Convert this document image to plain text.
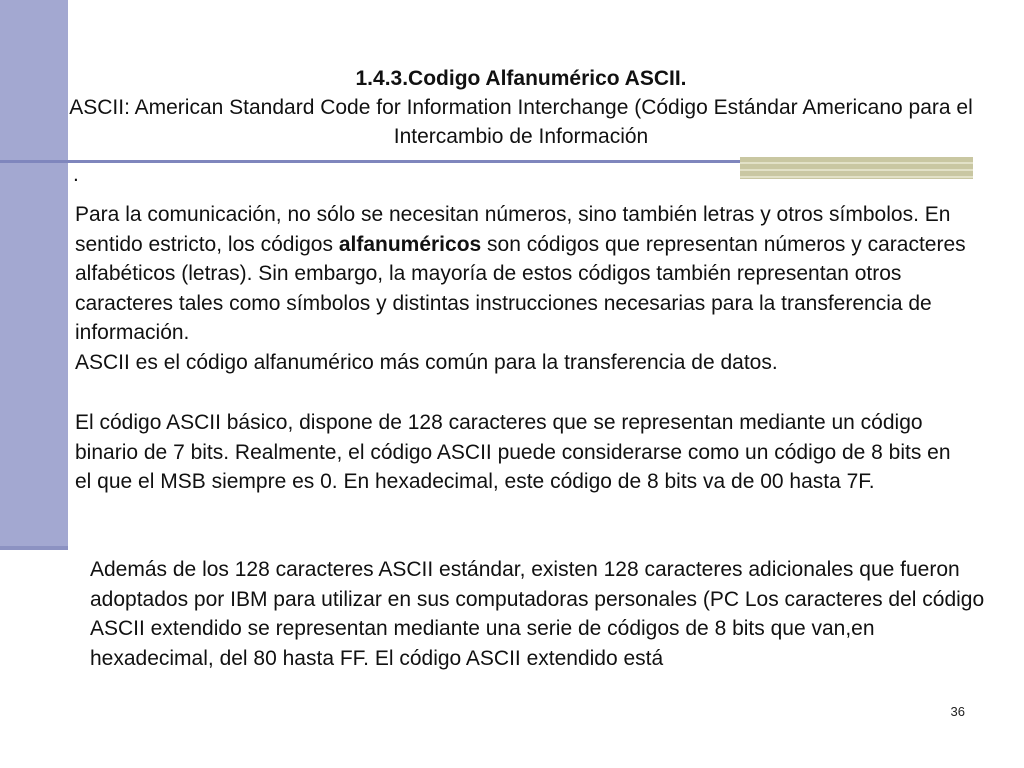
1.4.3.Codigo Alfanumérico ASCII.
ASCII: American Standard Code for Information Interchange (Código Estándar Americano para el Intercambio de Información
.

Para la comunicación, no sólo se necesitan números, sino también letras y otros símbolos. En sentido estricto, los códigos alfanuméricos son códigos que representan números y caracteres alfabéticos (letras). Sin embargo, la mayoría de estos códigos también representan otros caracteres tales como símbolos y distintas instrucciones necesarias para la transferencia de información.
ASCII es el código alfanumérico más común para la transferencia de datos.

El código ASCII básico, dispone de 128 caracteres que se representan mediante un código binario de 7 bits. Realmente, el código ASCII puede considerarse como un código de 8 bits en el que el MSB siempre es 0. En hexadecimal, este código de 8 bits va de 00 hasta 7F.

Además de los 128 caracteres ASCII estándar, existen 128 caracteres adicionales que fueron adoptados por IBM para utilizar en sus computadoras personales (PC Los caracteres del código ASCII extendido se representan mediante una serie de códigos de 8 bits que van,en hexadecimal, del 80 hasta FF. El código ASCII extendido está

36
